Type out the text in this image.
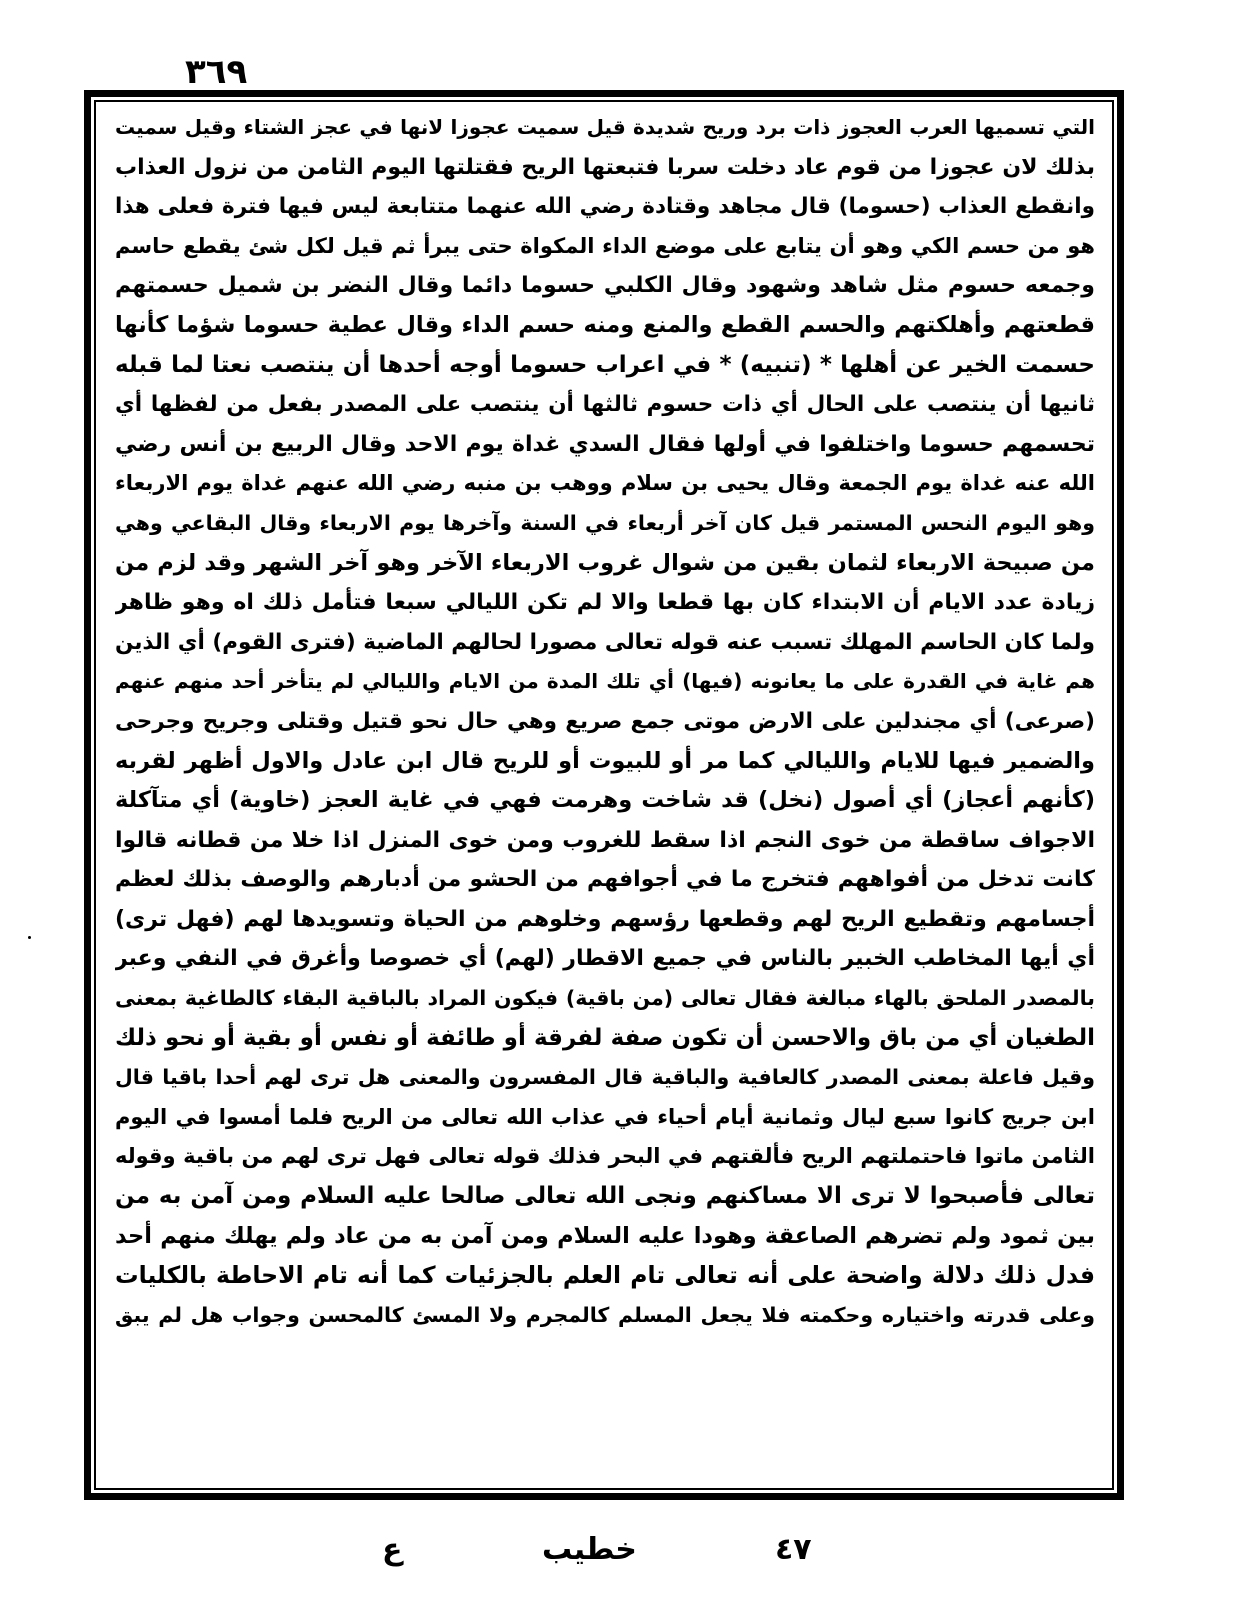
٣٦٩
التي تسميها العرب العجوز ذات برد وريح شديدة قيل سميت عجوزا لانها في عجز الشتاء وقيل سميت
بذلك لان عجوزا من قوم عاد دخلت سربا فتبعتها الريح فقتلتها اليوم الثامن من نزول العذاب
وانقطع العذاب (حسوما) قال مجاهد وقتادة رضي الله عنهما متتابعة ليس فيها فترة فعلى هذا
هو من حسم الكي وهو أن يتابع على موضع الداء المكواة حتى يبرأ ثم قيل لكل شئ يقطع حاسم
وجمعه حسوم مثل شاهد وشهود وقال الكلبي حسوما دائما وقال النضر بن شميل حسمتهم
قطعتهم وأهلكتهم والحسم القطع والمنع ومنه حسم الداء وقال عطية حسوما شؤما كأنها
حسمت الخير عن أهلها * (تنبيه) * في اعراب حسوما أوجه أحدها أن ينتصب نعتا لما قبله
ثانيها أن ينتصب على الحال أي ذات حسوم ثالثها أن ينتصب على المصدر بفعل من لفظها أي
تحسمهم حسوما واختلفوا في أولها فقال السدي غداة يوم الاحد وقال الربيع بن أنس رضي
الله عنه غداة يوم الجمعة وقال يحيى بن سلام ووهب بن منبه رضي الله عنهم غداة يوم الاربعاء
وهو اليوم النحس المستمر قيل كان آخر أربعاء في السنة وآخرها يوم الاربعاء وقال البقاعي وهي
من صبيحة الاربعاء لثمان بقين من شوال غروب الاربعاء الآخر وهو آخر الشهر وقد لزم من
زيادة عدد الايام أن الابتداء كان بها قطعا والا لم تكن الليالي سبعا فتأمل ذلك اه وهو ظاهر
ولما كان الحاسم المهلك تسبب عنه قوله تعالى مصورا لحالهم الماضية (فترى القوم) أي الذين
هم غاية في القدرة على ما يعانونه (فيها) أي تلك المدة من الايام والليالي لم يتأخر أحد منهم عنهم
(صرعى) أي مجندلين على الارض موتى جمع صريع وهي حال نحو قتيل وقتلى وجريح وجرحى
والضمير فيها للايام والليالي كما مر أو للبيوت أو للريح قال ابن عادل والاول أظهر لقربه
(كأنهم أعجاز) أي أصول (نخل) قد شاخت وهرمت فهي في غاية العجز (خاوية) أي متآكلة
الاجواف ساقطة من خوى النجم اذا سقط للغروب ومن خوى المنزل اذا خلا من قطانه قالوا
كانت تدخل من أفواههم فتخرج ما في أجوافهم من الحشو من أدبارهم والوصف بذلك لعظم
أجسامهم وتقطيع الريح لهم وقطعها رؤسهم وخلوهم من الحياة وتسويدها لهم (فهل ترى)
أي أيها المخاطب الخبير بالناس في جميع الاقطار (لهم) أي خصوصا وأغرق في النفي وعبر
بالمصدر الملحق بالهاء مبالغة فقال تعالى (من باقية) فيكون المراد بالباقية البقاء كالطاغية بمعنى
الطغيان أي من باق والاحسن أن تكون صفة لفرقة أو طائفة أو نفس أو بقية أو نحو ذلك
وقيل فاعلة بمعنى المصدر كالعافية والباقية قال المفسرون والمعنى هل ترى لهم أحدا باقيا قال
ابن جريج كانوا سبع ليال وثمانية أيام أحياء في عذاب الله تعالى من الريح فلما أمسوا في اليوم
الثامن ماتوا فاحتملتهم الريح فألقتهم في البحر فذلك قوله تعالى فهل ترى لهم من باقية وقوله
تعالى فأصبحوا لا ترى الا مساكنهم ونجى الله تعالى صالحا عليه السلام ومن آمن به من
بين ثمود ولم تضرهم الصاعقة وهودا عليه السلام ومن آمن به من عاد ولم يهلك منهم أحد
فدل ذلك دلالة واضحة على أنه تعالى تام العلم بالجزئيات كما أنه تام الاحاطة بالكليات
وعلى قدرته واختياره وحكمته فلا يجعل المسلم كالمجرم ولا المسئ كالمحسن وجواب هل لم يبق
ع	خطيب	٤٧
